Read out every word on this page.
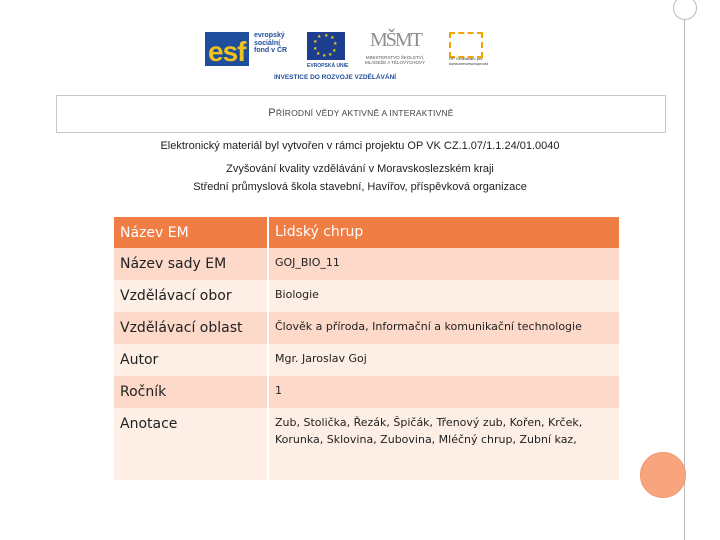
esf
evropský
sociální
fond v ČR
★ ★
★
★
★
★
★
★
★
★
EVROPSKÁ UNIE
MŠMT
MINISTERSTVO ŠKOLSTVÍ, MLÁDEŽE A TĚLOVÝCHOVY
OP Vzdělávání pro konkurenceschopnost
INVESTICE DO ROZVOJE VZDĚLÁVÁNÍ
PŘÍRODNÍ VĚDY AKTIVNĚ A INTERAKTIVNĚ
Elektronický materiál byl vytvořen v rámci projektu OP VK CZ.1.07/1.1.24/01.0040
Zvyšování kvality vzdělávání v Moravskoslezském kraji
Střední průmyslová škola stavební, Havířov, příspěvková organizace
Název EM	Lidský chrup
Název sady EM	GOJ_BIO_11
Vzdělávací obor	Biologie
Vzdělávací oblast	Člověk a příroda, Informační a komunikační technologie
Autor	Mgr. Jaroslav Goj
Ročník	1
Anotace	Zub, Stolička, Řezák, Špičák, Třenový zub, Kořen, Krček, Korunka, Sklovina, Zubovina, Mléčný chrup, Zubní kaz,
